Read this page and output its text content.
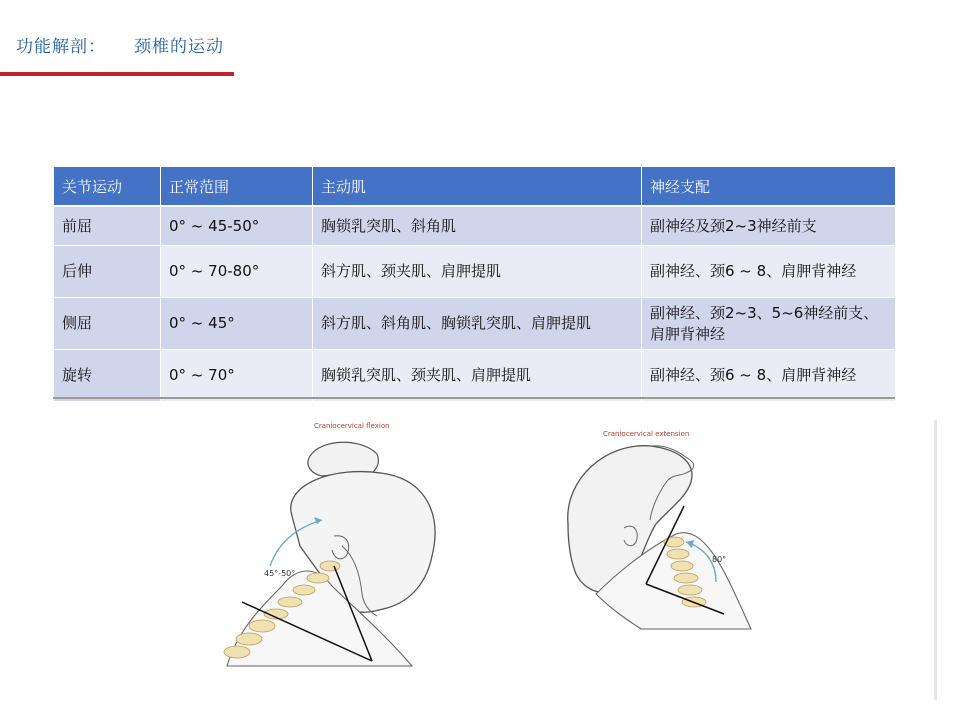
功能解剖： 颈椎的运动
关节运动	正常范围	主动肌	神经支配
前屈	0° ~ 45-50°	胸锁乳突肌、斜角肌	副神经及颈2~3神经前支
后伸	0° ~ 70-80°	斜方肌、颈夹肌、肩胛提肌	副神经、颈6 ~ 8、肩胛背神经
侧屈	0° ~ 45°	斜方肌、斜角肌、胸锁乳突肌、肩胛提肌	副神经、颈2~3、5~6神经前支、肩胛背神经
旋转	0° ~ 70°	胸锁乳突肌、颈夹肌、肩胛提肌	副神经、颈6 ~ 8、肩胛背神经
Craniocervical flexion
45°-50°
Craniocervical extension
80°
